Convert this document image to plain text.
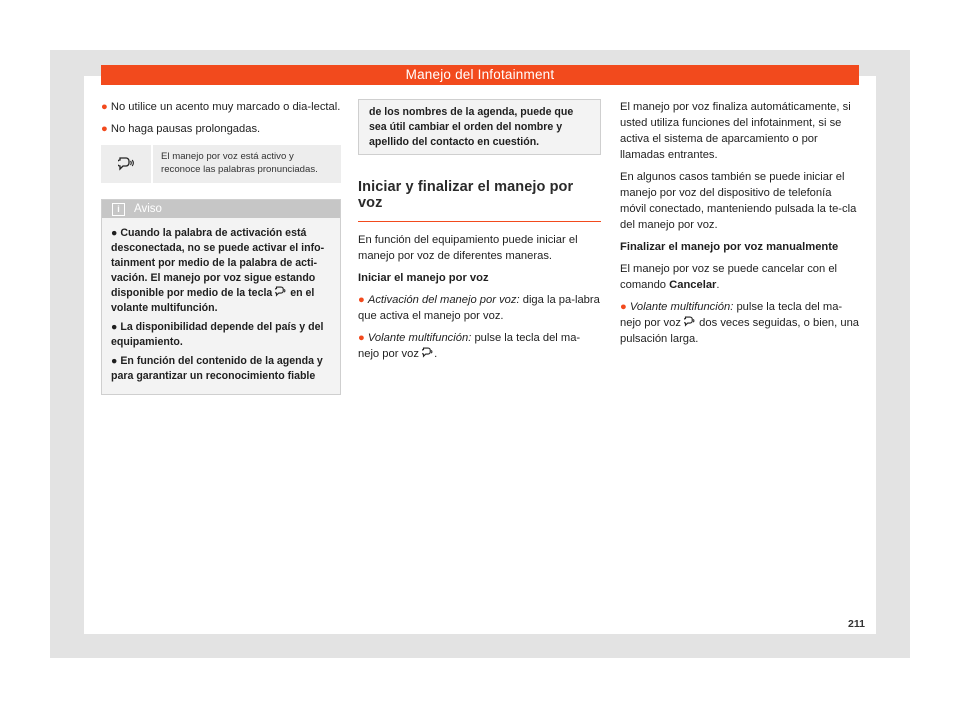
Manejo del Infotainment

● No utilice un acento muy marcado o dia-lectal.

● No haga pausas prolongadas.

El manejo por voz está activo y reconoce las palabras pronunciadas.
i	Aviso

● Cuando la palabra de activación está desconectada, no se puede activar el info-tainment por medio de la palabra de acti-vación. El manejo por voz sigue estando disponible por medio de la tecla en el volante multifunción.

● La disponibilidad depende del país y del equipamiento.

● En función del contenido de la agenda y para garantizar un reconocimiento fiable

de los nombres de la agenda, puede que sea útil cambiar el orden del nombre y apellido del contacto en cuestión.
Iniciar y finalizar el manejo por voz

En función del equipamiento puede iniciar el manejo por voz de diferentes maneras.

Iniciar el manejo por voz

● Activación del manejo por voz: diga la pa-labra que activa el manejo por voz.

● Volante multifunción: pulse la tecla del ma-nejo por voz .

El manejo por voz finaliza automáticamente, si usted utiliza funciones del infotainment, si se activa el sistema de aparcamiento o por llamadas entrantes.

En algunos casos también se puede iniciar el manejo por voz del dispositivo de telefonía móvil conectado, manteniendo pulsada la te-cla del manejo por voz.

Finalizar el manejo por voz manualmente

El manejo por voz se puede cancelar con el comando Cancelar.

● Volante multifunción: pulse la tecla del ma-nejo por voz dos veces seguidas, o bien, una pulsación larga.

211
